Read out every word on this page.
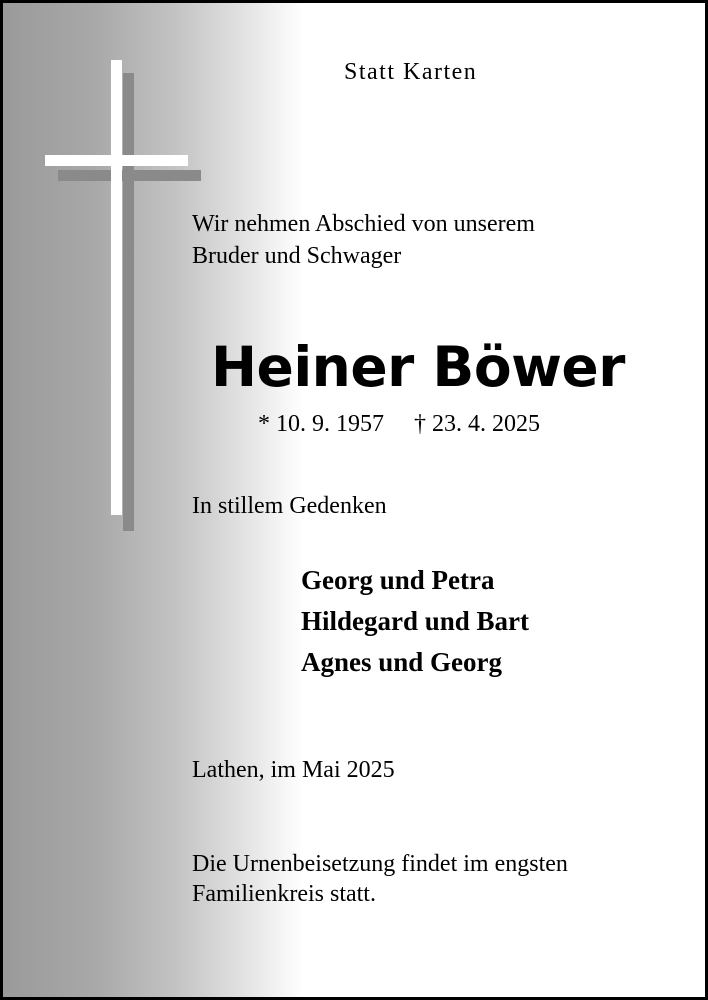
Statt Karten
Wir nehmen Abschied von unserem
Bruder und Schwager
Heiner Böwer
* 10. 9. 1957 † 23. 4. 2025
In stillem Gedenken
Georg und Petra
Hildegard und Bart
Agnes und Georg
Lathen, im Mai 2025
Die Urnenbeisetzung findet im engsten
Familienkreis statt.
